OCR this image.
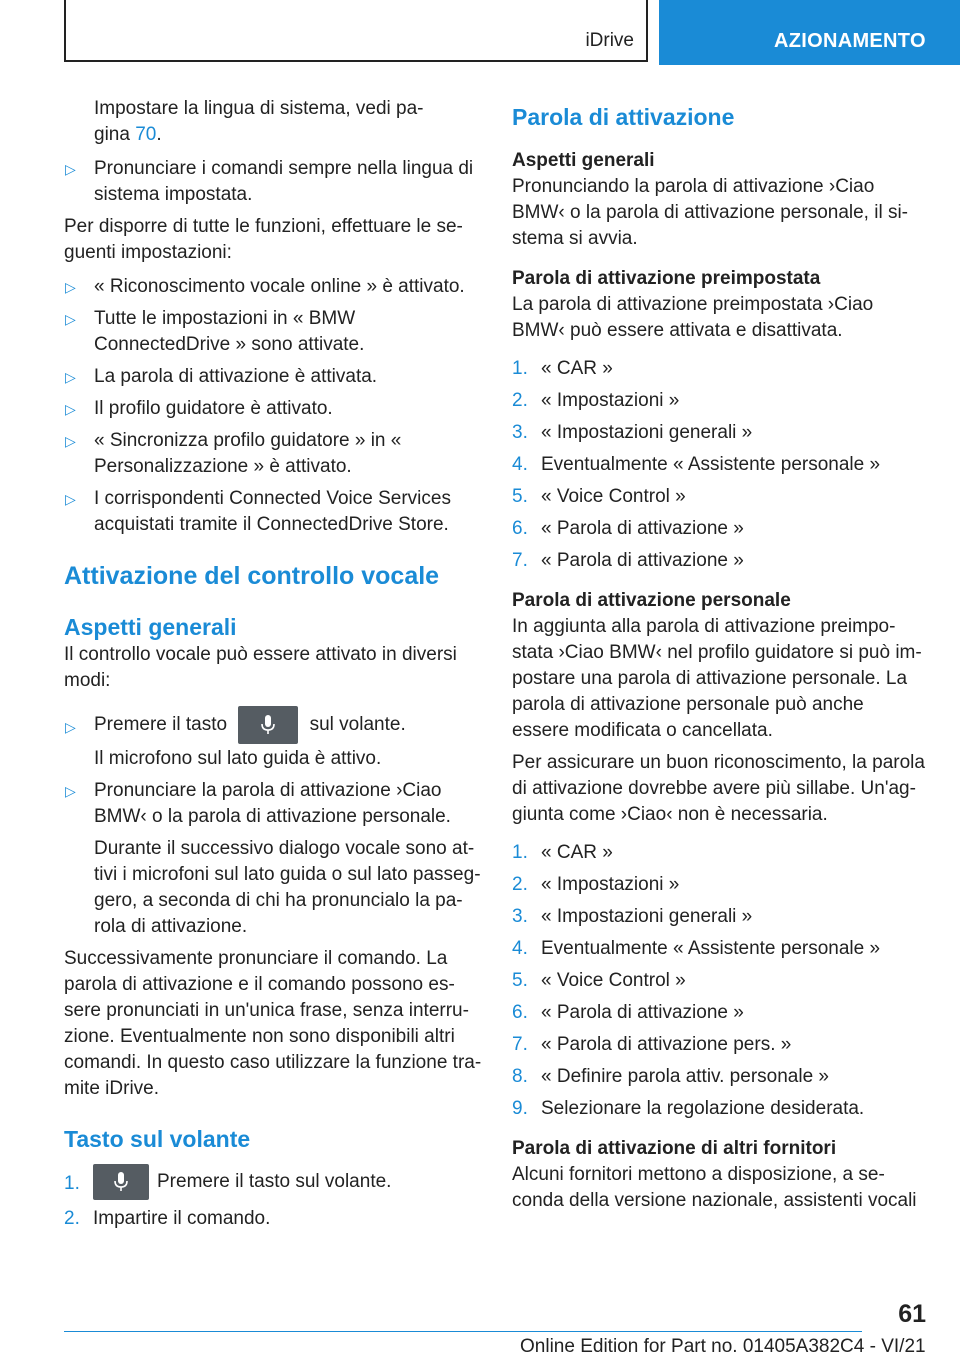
iDrive	AZIONAMENTO

Impostare la lingua di sistema, vedi pa-
gina 70.

▷ Pronunciare i comandi sempre nella lingua di sistema impostata.

Per disporre di tutte le funzioni, effettuare le se-guenti impostazioni:

▷ « Riconoscimento vocale online » è attivato.
▷ Tutte le impostazioni in « BMW ConnectedDrive » sono attivate.
▷ La parola di attivazione è attivata.
▷ Il profilo guidatore è attivato.
▷ « Sincronizza profilo guidatore » in « Personalizzazione » è attivato.
▷ I corrispondenti Connected Voice Services acquistati tramite il ConnectedDrive Store.
Attivazione del controllo vocale
Aspetti generali

Il controllo vocale può essere attivato in diversi modi:

▷ Premere il tasto	sul volante.
Il microfono sul lato guida è attivo.
▷ Pronunciare la parola di attivazione ›Ciao BMW‹ o la parola di attivazione personale.
Durante il successivo dialogo vocale sono at-tivi i microfoni sul lato guida o sul lato passeg-gero, a seconda di chi ha pronuncialo la pa-rola di attivazione.

Successivamente pronunciare il comando. La parola di attivazione e il comando possono es-sere pronunciati in un'unica frase, senza interru-zione. Eventualmente non sono disponibili altri comandi. In questo caso utilizzare la funzione tra-mite iDrive.

Tasto sul volante
1.	Premere il tasto sul volante.
2. Impartire il comando.
Parola di attivazione
Aspetti generali

Pronunciando la parola di attivazione ›Ciao BMW‹ o la parola di attivazione personale, il si-stema si avvia.

Parola di attivazione preimpostata

La parola di attivazione preimpostata ›Ciao BMW‹ può essere attivata e disattivata.

1. « CAR »
2. « Impostazioni »
3. « Impostazioni generali »
4. Eventualmente « Assistente personale »
5. « Voice Control »
6. « Parola di attivazione »
7. « Parola di attivazione »
Parola di attivazione personale

In aggiunta alla parola di attivazione preimpo-stata ›Ciao BMW‹ nel profilo guidatore si può im-postare una parola di attivazione personale. La parola di attivazione personale può anche essere modificata o cancellata.

Per assicurare un buon riconoscimento, la parola di attivazione dovrebbe avere più sillabe. Un'ag-giunta come ›Ciao‹ non è necessaria.

1. « CAR »
2. « Impostazioni »
3. « Impostazioni generali »
4. Eventualmente « Assistente personale »
5. « Voice Control »
6. « Parola di attivazione »
7. « Parola di attivazione pers. »
8. « Definire parola attiv. personale »
9. Selezionare la regolazione desiderata.
Parola di attivazione di altri fornitori

Alcuni fornitori mettono a disposizione, a se-conda della versione nazionale, assistenti vocali

61
Online Edition for Part no. 01405A382C4 - VI/21
